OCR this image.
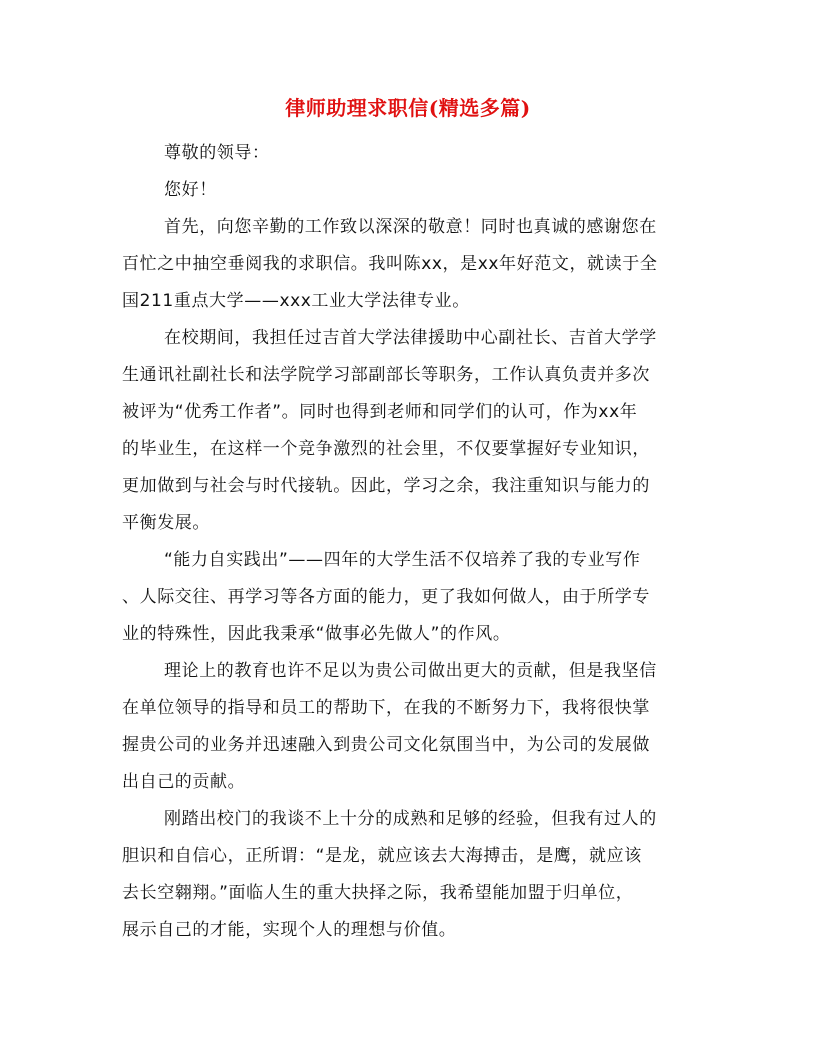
律师助理求职信(精选多篇)
尊敬的领导：
您好！
首先，向您辛勤的工作致以深深的敬意！同时也真诚的感谢您在
百忙之中抽空垂阅我的求职信。我叫陈xx，是xx年好范文，就读于全
国211重点大学——xxx工业大学法律专业。
在校期间，我担任过吉首大学法律援助中心副社长、吉首大学学
生通讯社副社长和法学院学习部副部长等职务，工作认真负责并多次
被评为“优秀工作者”。同时也得到老师和同学们的认可，作为xx年
的毕业生，在这样一个竞争激烈的社会里，不仅要掌握好专业知识，
更加做到与社会与时代接轨。因此，学习之余，我注重知识与能力的
平衡发展。
“能力自实践出”——四年的大学生活不仅培养了我的专业写作
、人际交往、再学习等各方面的能力，更了我如何做人，由于所学专
业的特殊性，因此我秉承“做事必先做人”的作风。
理论上的教育也许不足以为贵公司做出更大的贡献，但是我坚信
在单位领导的指导和员工的帮助下，在我的不断努力下，我将很快掌
握贵公司的业务并迅速融入到贵公司文化氛围当中，为公司的发展做
出自己的贡献。
刚踏出校门的我谈不上十分的成熟和足够的经验，但我有过人的
胆识和自信心，正所谓：“是龙，就应该去大海搏击，是鹰，就应该
去长空翱翔。”面临人生的重大抉择之际，我希望能加盟于归单位，
展示自己的才能，实现个人的理想与价值。
